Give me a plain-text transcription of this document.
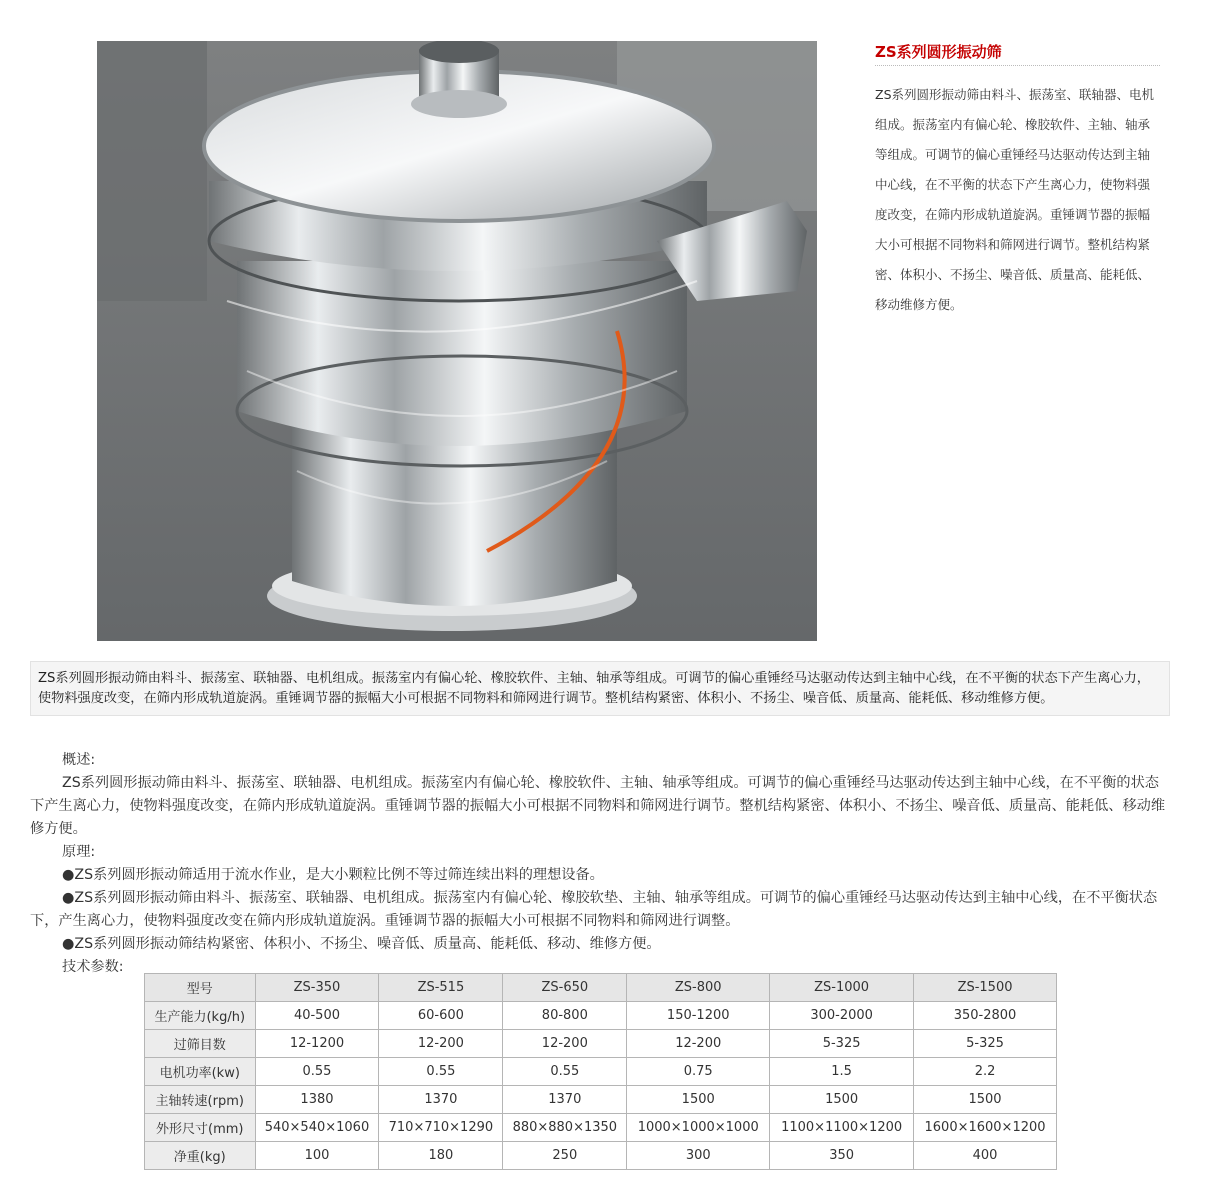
ZS系列圆形振动筛

ZS系列圆形振动筛由料斗、振荡室、联轴器、电机组成。振荡室内有偏心轮、橡胶软件、主轴、轴承等组成。可调节的偏心重锤经马达驱动传达到主轴中心线，在不平衡的状态下产生离心力，使物料强度改变，在筛内形成轨道旋涡。重锤调节器的振幅大小可根据不同物料和筛网进行调节。整机结构紧密、体积小、不扬尘、噪音低、质量高、能耗低、移动维修方便。

ZS系列圆形振动筛由料斗、振荡室、联轴器、电机组成。振荡室内有偏心轮、橡胶软件、主轴、轴承等组成。可调节的偏心重锤经马达驱动传达到主轴中心线，在不平衡的状态下产生离心力，使物料强度改变，在筛内形成轨道旋涡。重锤调节器的振幅大小可根据不同物料和筛网进行调节。整机结构紧密、体积小、不扬尘、噪音低、质量高、能耗低、移动维修方便。

概述:

ZS系列圆形振动筛由料斗、振荡室、联轴器、电机组成。振荡室内有偏心轮、橡胶软件、主轴、轴承等组成。可调节的偏心重锤经马达驱动传达到主轴中心线，在不平衡的状态下产生离心力，使物料强度改变，在筛内形成轨道旋涡。重锤调节器的振幅大小可根据不同物料和筛网进行调节。整机结构紧密、体积小、不扬尘、噪音低、质量高、能耗低、移动维修方便。

原理:

●ZS系列圆形振动筛适用于流水作业，是大小颗粒比例不等过筛连续出料的理想设备。

●ZS系列圆形振动筛由料斗、振荡室、联轴器、电机组成。振荡室内有偏心轮、橡胶软垫、主轴、轴承等组成。可调节的偏心重锤经马达驱动传达到主轴中心线，在不平衡状态下，产生离心力，使物料强度改变在筛内形成轨道旋涡。重锤调节器的振幅大小可根据不同物料和筛网进行调整。

●ZS系列圆形振动筛结构紧密、体积小、不扬尘、噪音低、质量高、能耗低、移动、维修方便。

技术参数:

型号	ZS-350	ZS-515	ZS-650	ZS-800	ZS-1000	ZS-1500
生产能力(kg/h)	40-500	60-600	80-800	150-1200	300-2000	350-2800
过筛目数	12-1200	12-200	12-200	12-200	5-325	5-325
电机功率(kw)	0.55	0.55	0.55	0.75	1.5	2.2
主轴转速(rpm)	1380	1370	1370	1500	1500	1500
外形尺寸(mm)	540×540×1060	710×710×1290	880×880×1350	1000×1000×1000	1100×1100×1200	1600×1600×1200
净重(kg)	100	180	250	300	350	400
